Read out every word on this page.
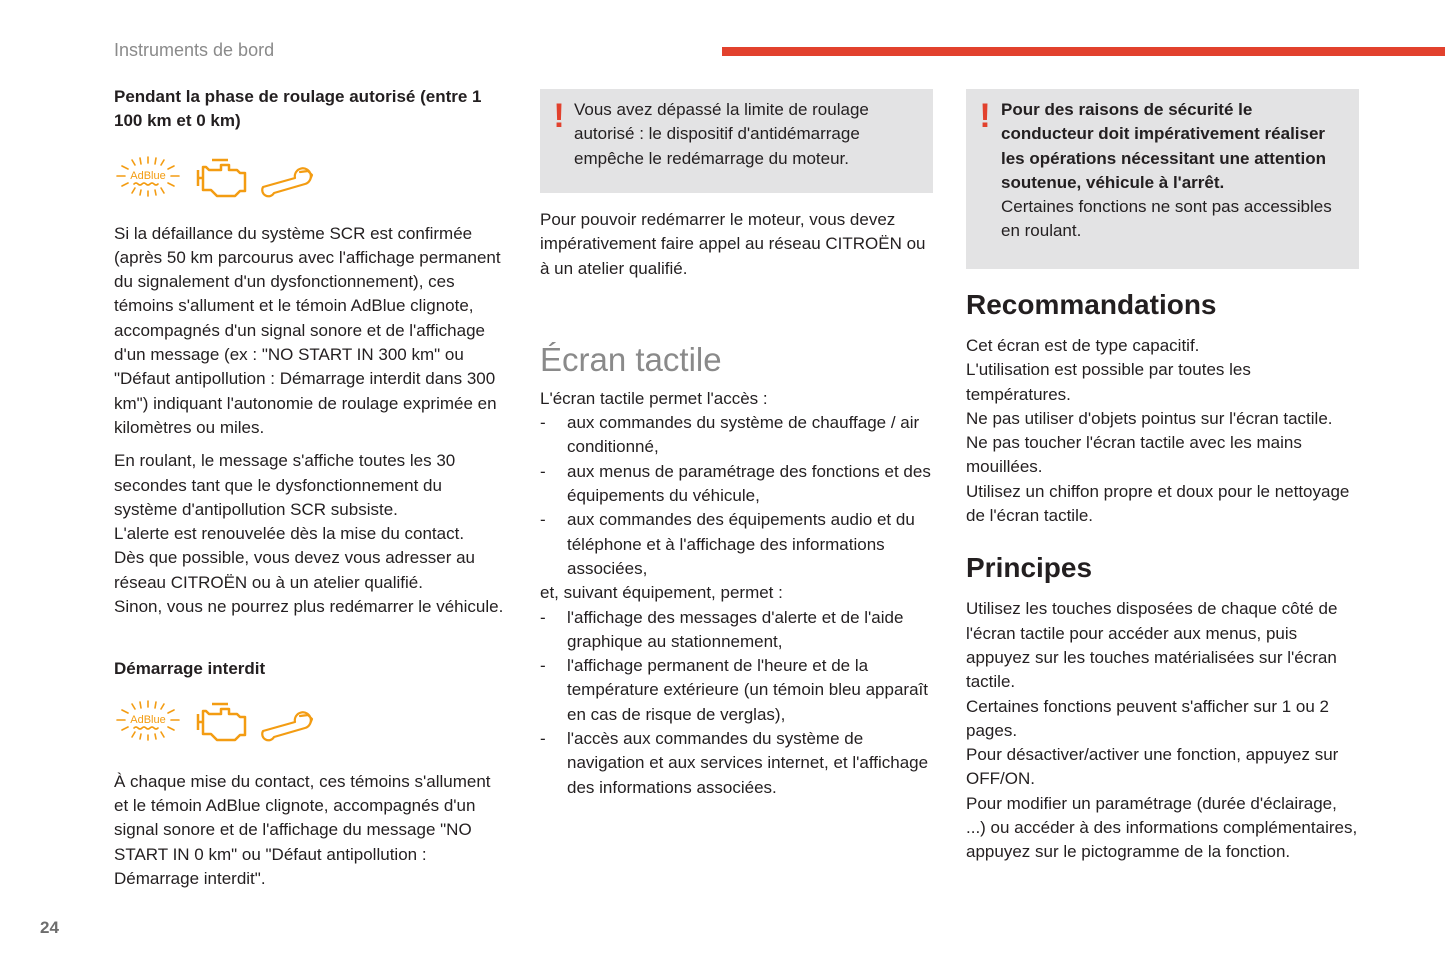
Instruments de bord
24

Pendant la phase de roulage autorisé (entre 1 100 km et 0 km)

AdBlue

Si la défaillance du système SCR est confirmée (après 50 km parcourus avec l'affichage permanent du signalement d'un dysfonctionnement), ces témoins s'allument et le témoin AdBlue clignote, accompagnés d'un signal sonore et de l'affichage d'un message (ex : "NO START IN 300 km" ou "Défaut antipollution : Démarrage interdit dans 300 km") indiquant l'autonomie de roulage exprimée en kilomètres ou miles.

En roulant, le message s'affiche toutes les 30 secondes tant que le dysfonctionnement du système d'antipollution SCR subsiste.

L'alerte est renouvelée dès la mise du contact.

Dès que possible, vous devez vous adresser au réseau CITROËN ou à un atelier qualifié.

Sinon, vous ne pourrez plus redémarrer le véhicule.

Démarrage interdit

AdBlue

À chaque mise du contact, ces témoins s'allument et le témoin AdBlue clignote, accompagnés d'un signal sonore et de l'affichage du message "NO START IN 0 km" ou "Défaut antipollution : Démarrage interdit".

! Vous avez dépassé la limite de roulage autorisé : le dispositif d'antidémarrage empêche le redémarrage du moteur.

Pour pouvoir redémarrer le moteur, vous devez impérativement faire appel au réseau CITROËN ou à un atelier qualifié.

Écran tactile

L'écran tactile permet l'accès :

- aux commandes du système de chauffage / air conditionné,
- aux menus de paramétrage des fonctions et des équipements du véhicule,
- aux commandes des équipements audio et du téléphone et à l'affichage des informations associées,

et, suivant équipement, permet :

- l'affichage des messages d'alerte et de l'aide graphique au stationnement,
- l'affichage permanent de l'heure et de la température extérieure (un témoin bleu apparaît en cas de risque de verglas),
- l'accès aux commandes du système de navigation et aux services internet, et l'affichage des informations associées.
! Pour des raisons de sécurité le conducteur doit impérativement réaliser les opérations nécessitant une attention soutenue, véhicule à l'arrêt.

Certaines fonctions ne sont pas accessibles en roulant.

Recommandations

Cet écran est de type capacitif.

L'utilisation est possible par toutes les températures.

Ne pas utiliser d'objets pointus sur l'écran tactile.

Ne pas toucher l'écran tactile avec les mains mouillées.

Utilisez un chiffon propre et doux pour le nettoyage de l'écran tactile.

Principes

Utilisez les touches disposées de chaque côté de l'écran tactile pour accéder aux menus, puis appuyez sur les touches matérialisées sur l'écran tactile.

Certaines fonctions peuvent s'afficher sur 1 ou 2 pages.

Pour désactiver/activer une fonction, appuyez sur OFF/ON.

Pour modifier un paramétrage (durée d'éclairage, ...) ou accéder à des informations complémentaires, appuyez sur le pictogramme de la fonction.
